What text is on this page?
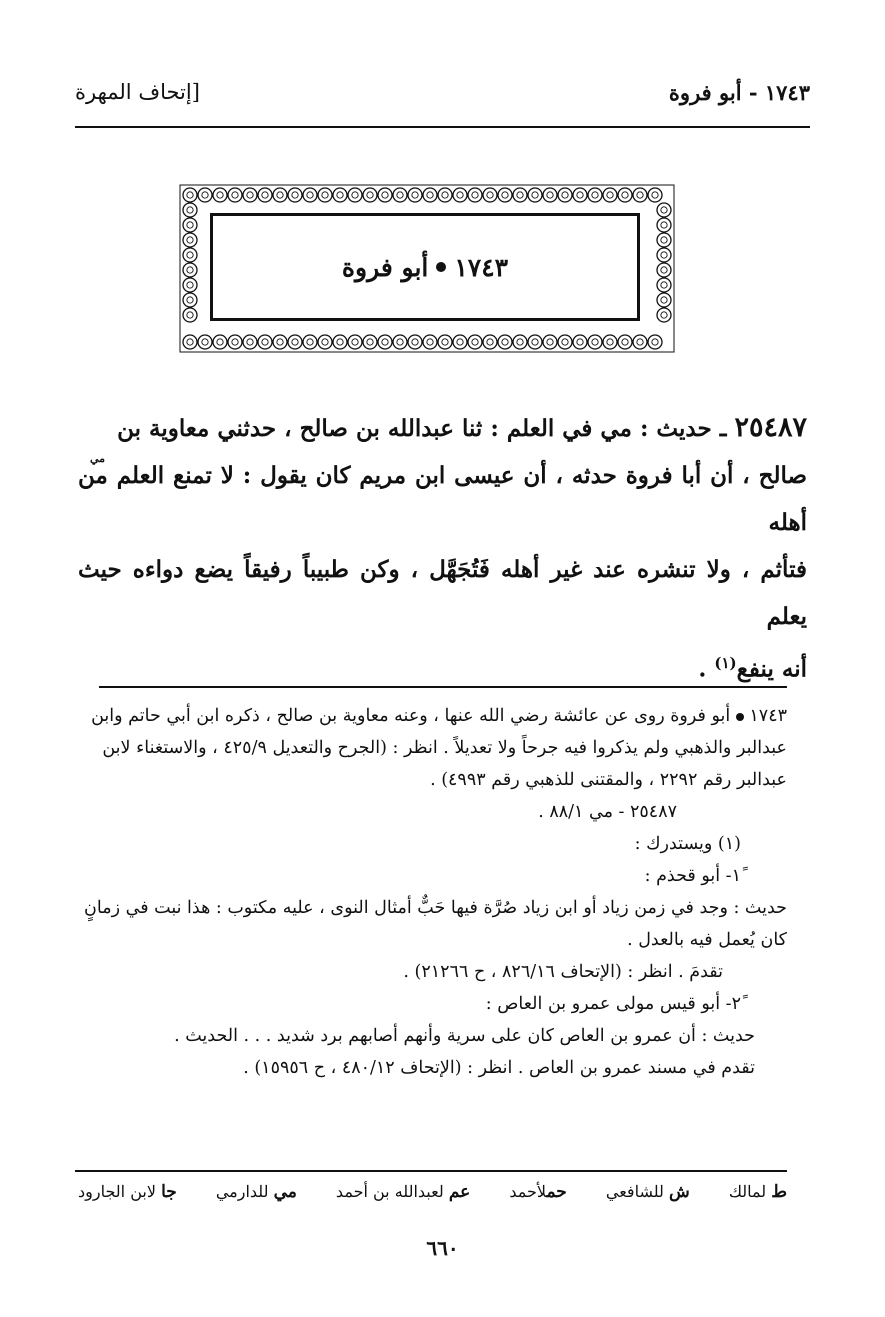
١٧٤٣ - أبو فروة
[إتحاف المهرة
١٧٤٣
أبو فروة
مي
٢٥٤٨٧ ـ حديث : مي في العلم : ثنا عبدالله بن صالح ، حدثني معاوية بن
صالح ، أن أبا فروة حدثه ، أن عيسى ابن مريم كان يقول : لا تمنع العلم من أهله
فتأثم ، ولا تنشره عند غير أهله فَتُجَهَّل ، وكن طبيباً رفيقاً يضع دواءه حيث يعلم
أنه ينفع$^{(١)}$ .

١٧٤٣  أبو فروة روى عن عائشة رضي الله عنها ، وعنه معاوية بن صالح ، ذكره ابن أبي حاتم وابن عبدالبر والذهبي ولم يذكروا فيه جرحاً ولا تعديلاً . انظر : (الجرح والتعديل ٤٢٥/٩ ، والاستغناء لابن عبدالبر رقم ٢٢٩٢ ، والمقتنى للذهبي رقم ٤٩٩٣) .

٢٥٤٨٧ - مي ٨٨/١ .

(١) ويستدرك :

١ً- أبو قحذم :

حديث : وجد في زمن زياد أو ابن زياد صُرَّة فيها حَبٌّ أمثال النوى ، عليه مكتوب : هذا نبت في زمانٍ كان يُعمل فيه بالعدل .

تقدمَ . انظر : (الإتحاف ٨٢٦/١٦ ، ح ٢١٢٦٦) .

٢ً- أبو قيس مولى عمرو بن العاص :

حديث : أن عمرو بن العاص كان على سرية وأنهم أصابهم برد شديد . . . الحديث .

تقدم في مسند عمرو بن العاص . انظر : (الإتحاف ٤٨٠/١٢ ، ح ١٥٩٥٦) .

ط لمالك
ش للشافعي
حملأحمد
عم لعبدالله بن أحمد
مي للدارمي
جا لابن الجارود
٦٦٠
